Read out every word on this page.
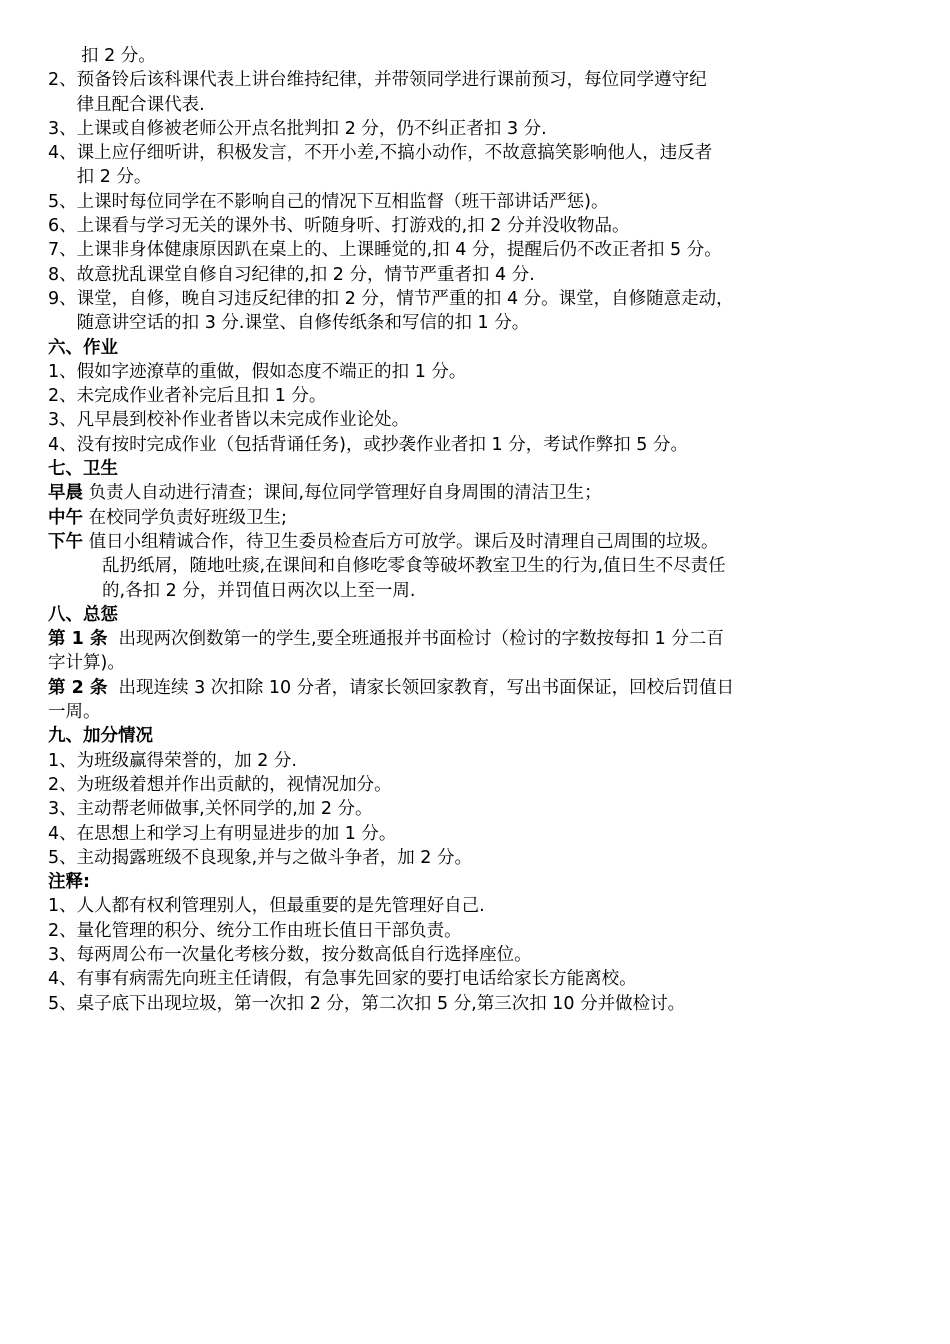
扣 2 分。
2、 预备铃后该科课代表上讲台维持纪律，并带领同学进行课前预习，每位同学遵守纪
律且配合课代表.
3、 上课或自修被老师公开点名批判扣 2 分，仍不纠正者扣 3 分.
4、 课上应仔细听讲，积极发言，不开小差,不搞小动作，不故意搞笑影响他人，违反者
扣 2 分。
5、 上课时每位同学在不影响自己的情况下互相监督（班干部讲话严惩)。
6、 上课看与学习无关的课外书、听随身听、打游戏的,扣 2 分并没收物品。
7、 上课非身体健康原因趴在桌上的、上课睡觉的,扣 4 分，提醒后仍不改正者扣 5 分。
8、 故意扰乱课堂自修自习纪律的,扣 2 分，情节严重者扣 4 分.
9、 课堂，自修，晚自习违反纪律的扣 2 分，情节严重的扣 4 分。课堂，自修随意走动，
随意讲空话的扣 3 分.课堂、自修传纸条和写信的扣 1 分。
六、作业
1、假如字迹潦草的重做，假如态度不端正的扣 1 分。
2、未完成作业者补完后且扣 1 分。
3、凡早晨到校补作业者皆以未完成作业论处。
4、没有按时完成作业（包括背诵任务)，或抄袭作业者扣 1 分，考试作弊扣 5 分。
七、卫生
早晨 负责人自动进行清查；课间,每位同学管理好自身周围的清洁卫生；
中午 在校同学负责好班级卫生;
下午 值日小组精诚合作，待卫生委员检查后方可放学。课后及时清理自己周围的垃圾。
乱扔纸屑，随地吐痰,在课间和自修吃零食等破坏教室卫生的行为,值日生不尽责任
的,各扣 2 分，并罚值日两次以上至一周.
八、总惩
第 1 条  出现两次倒数第一的学生,要全班通报并书面检讨（检讨的字数按每扣 1 分二百
字计算)。
第 2 条  出现连续 3 次扣除 10 分者，请家长领回家教育，写出书面保证，回校后罚值日
一周。
九、加分情况
1、为班级赢得荣誉的，加 2 分.
2、为班级着想并作出贡献的，视情况加分。
3、主动帮老师做事,关怀同学的,加 2 分。
4、在思想上和学习上有明显进步的加 1 分。
5、主动揭露班级不良现象,并与之做斗争者，加 2 分。
注释:
1、人人都有权利管理别人，但最重要的是先管理好自己.
2、量化管理的积分、统分工作由班长值日干部负责。
3、每两周公布一次量化考核分数，按分数高低自行选择座位。
4、有事有病需先向班主任请假，有急事先回家的要打电话给家长方能离校。
5、桌子底下出现垃圾，第一次扣 2 分，第二次扣 5 分,第三次扣 10 分并做检讨。
